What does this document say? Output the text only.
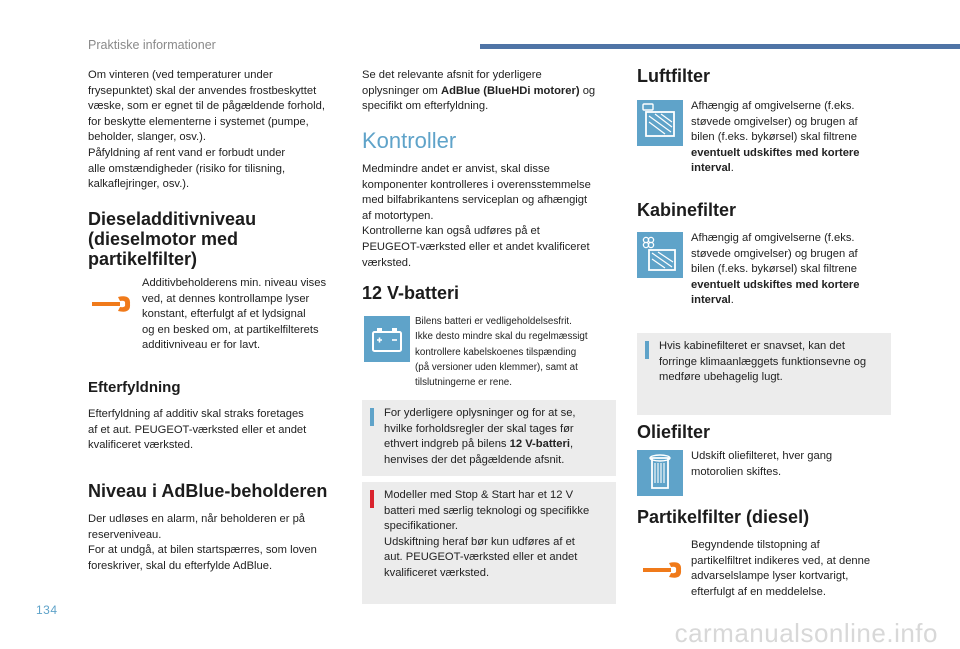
Praktiske informationer

Om vinteren (ved temperaturer under

frysepunktet) skal der anvendes frostbeskyttet

væske, som er egnet til de pågældende forhold,

for beskytte elementerne i systemet (pumpe,

beholder, slanger, osv.).

Påfyldning af rent vand er forbudt under

alle omstændigheder (risiko for tilisning,

kalkaflejringer, osv.).

Dieseladditivniveau
(dieselmotor med
partikelfilter)

Additivbeholderens min. niveau vises

ved, at dennes kontrollampe lyser

konstant, efterfulgt af et lydsignal

og en besked om, at partikelfilterets

additivniveau er for lavt.

Efterfyldning

Efterfyldning af additiv skal straks foretages

af et aut. PEUGEOT-værksted eller et andet

kvalificeret værksted.

Niveau i AdBlue-beholderen

Der udløses en alarm, når beholderen er på

reserveniveau.

For at undgå, at bilen startspærres, som loven

foreskriver, skal du efterfylde AdBlue.

Se det relevante afsnit for yderligere

oplysninger om AdBlue (BlueHDi motorer) og

specifikt om efterfyldning.

Kontroller

Medmindre andet er anvist, skal disse

komponenter kontrolleres i overensstemmelse

med bilfabrikantens serviceplan og afhængigt

af motortypen.

Kontrollerne kan også udføres på et

PEUGEOT-værksted eller et andet kvalificeret

værksted.

12 V-batteri
Bilens batteri er vedligeholdelsesfrit.
Ikke desto mindre skal du regelmæssigt
kontrollere kabelskoenes tilspænding
(på versioner uden klemmer), samt at
tilslutningerne er rene.

For yderligere oplysninger og for at se,

hvilke forholdsregler der skal tages før

ethvert indgreb på bilens 12 V-batteri,

henvises der det pågældende afsnit.

Modeller med Stop & Start har et 12 V

batteri med særlig teknologi og specifikke

specifikationer.

Udskiftning heraf bør kun udføres af et

aut. PEUGEOT-værksted eller et andet

kvalificeret værksted.

Luftfilter

Afhængig af omgivelserne (f.eks.

støvede omgivelser) og brugen af

bilen (f.eks. bykørsel) skal filtrene

eventuelt udskiftes med kortere

interval.

Kabinefilter

Afhængig af omgivelserne (f.eks.

støvede omgivelser) og brugen af

bilen (f.eks. bykørsel) skal filtrene

eventuelt udskiftes med kortere

interval.

Hvis kabinefilteret er snavset, kan det

forringe klimaanlæggets funktionsevne og

medføre ubehagelig lugt.

Oliefilter

Udskift oliefilteret, hver gang

motorolien skiftes.

Partikelfilter (diesel)

Begyndende tilstopning af

partikelfiltret indikeres ved, at denne

advarselslampe lyser kortvarigt,

efterfulgt af en meddelelse.

134
carmanualsonline.info
